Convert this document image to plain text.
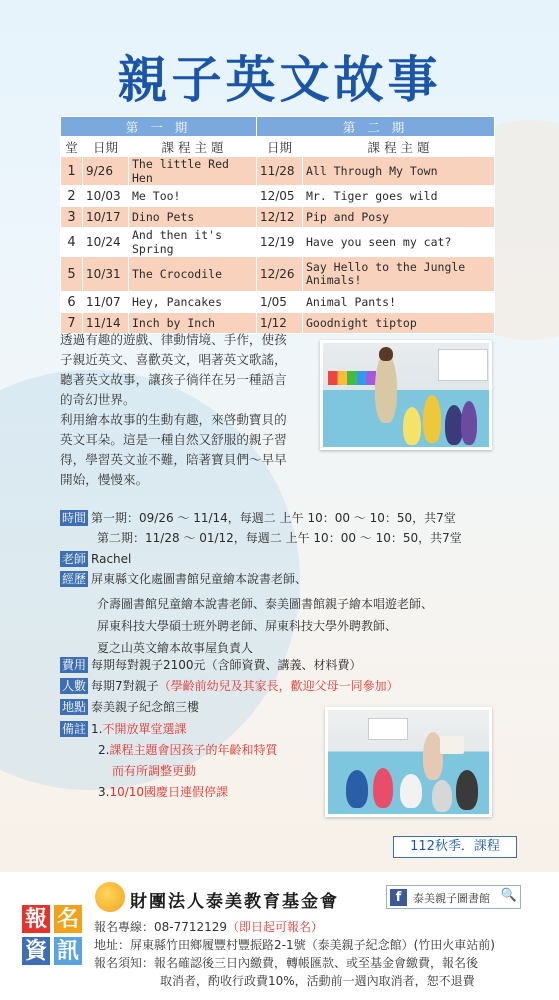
親子英文故事
第 一 期			第 二 期	
堂	日期	課 程 主 題	日期	課 程 主 題
1	9/26	The little Red Hen	11/28	All Through My Town
2	10/03	Me Too!	12/05	Mr. Tiger goes wild
3	10/17	Dino Pets	12/12	Pip and Posy
4	10/24	And then it's Spring	12/19	Have you seen my cat?
5	10/31	The Crocodile	12/26	Say Hello to the Jungle Animals!
6	11/07	Hey, Pancakes	1/05	Animal Pants!
7	11/14	Inch by Inch	1/12	Goodnight tiptop
透過有趣的遊戲、律動情境、手作，使孩
子親近英文、喜歡英文，唱著英文歌謠，
聽著英文故事，讓孩子徜徉在另一種語言
的奇幻世界。
利用繪本故事的生動有趣，來啓動寶貝的
英文耳朵。這是一種自然又舒服的親子習
得，學習英文並不難，陪著寶貝們～早早
開始，慢慢來。
時間 第一期：09/26 ～ 11/14，每週二 上午 10：00 ～ 10：50，共7堂
第二期：11/28 ～ 01/12，每週二 上午 10：00 ～ 10：50，共7堂
老師 Rachel
經歷 屏東縣文化處圖書館兒童繪本說書老師、
介壽圖書館兒童繪本說書老師、泰美圖書館親子繪本唱遊老師、
屏東科技大學碩士班外聘老師、屏東科技大學外聘教師、
夏之山英文繪本故事屋負責人
費用 每期每對親子2100元（含師資費、講義、材料費）
人數 每期7對親子（學齡前幼兒及其家長，歡迎父母一同參加）
地點 泰美親子紀念館三樓
備註 1.不開放單堂選課
2.課程主題會因孩子的年齡和特質
而有所調整更動
3.10/10國慶日連假停課
112秋季．課程
報 名
資 訊
財團法人泰美教育基金會	f	泰美親子圖書館 🔍
報名專線：08-7712129（即日起可報名）
地址：屏東縣竹田鄉履豐村豐振路2-1號（泰美親子紀念館）(竹田火車站前)
報名須知：報名確認後三日內繳費，轉帳匯款、或至基金會繳費，報名後
取消者，酌收行政費10%，活動前一週內取消者，恕不退費
